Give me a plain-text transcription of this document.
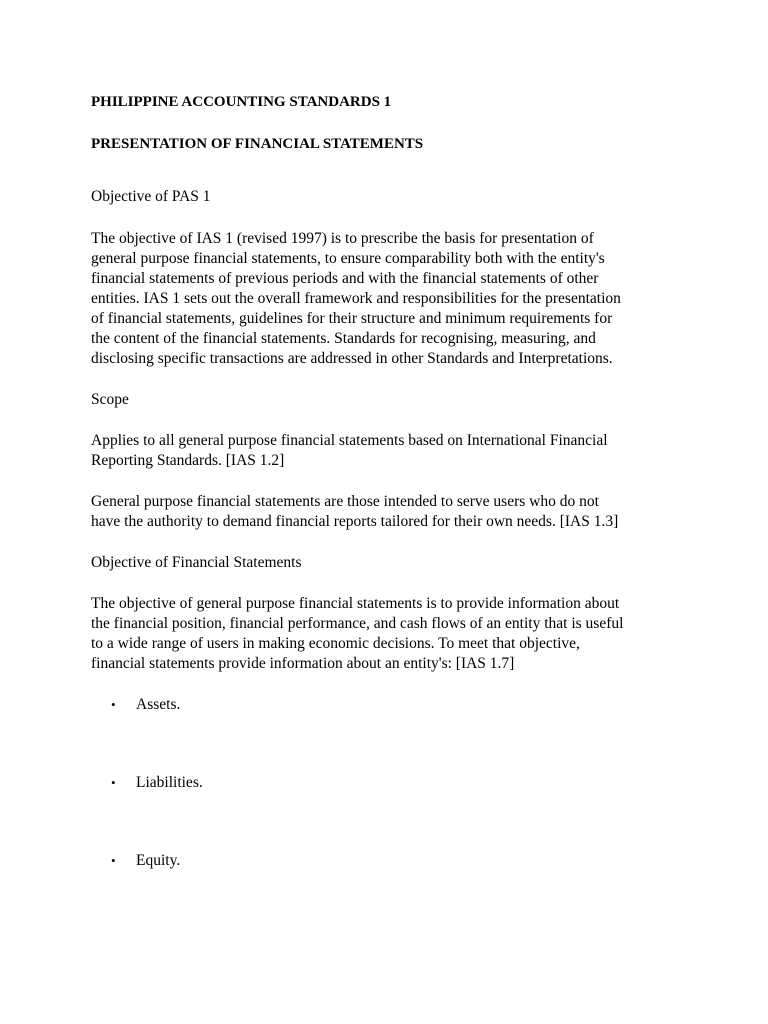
PHILIPPINE ACCOUNTING STANDARDS 1

PRESENTATION OF FINANCIAL STATEMENTS

Objective of PAS 1

The objective of IAS 1 (revised 1997) is to prescribe the basis for presentation of
general purpose financial statements, to ensure comparability both with the entity's
financial statements of previous periods and with the financial statements of other
entities. IAS 1 sets out the overall framework and responsibilities for the presentation
of financial statements, guidelines for their structure and minimum requirements for
the content of the financial statements. Standards for recognising, measuring, and
disclosing specific transactions are addressed in other Standards and Interpretations.

Scope

Applies to all general purpose financial statements based on International Financial
Reporting Standards. [IAS 1.2]
General purpose financial statements are those intended to serve users who do not
have the authority to demand financial reports tailored for their own needs. [IAS 1.3]

Objective of Financial Statements

The objective of general purpose financial statements is to provide information about
the financial position, financial performance, and cash flows of an entity that is useful
to a wide range of users in making economic decisions. To meet that objective,
financial statements provide information about an entity's: [IAS 1.7]
• Assets.
• Liabilities.
• Equity.
